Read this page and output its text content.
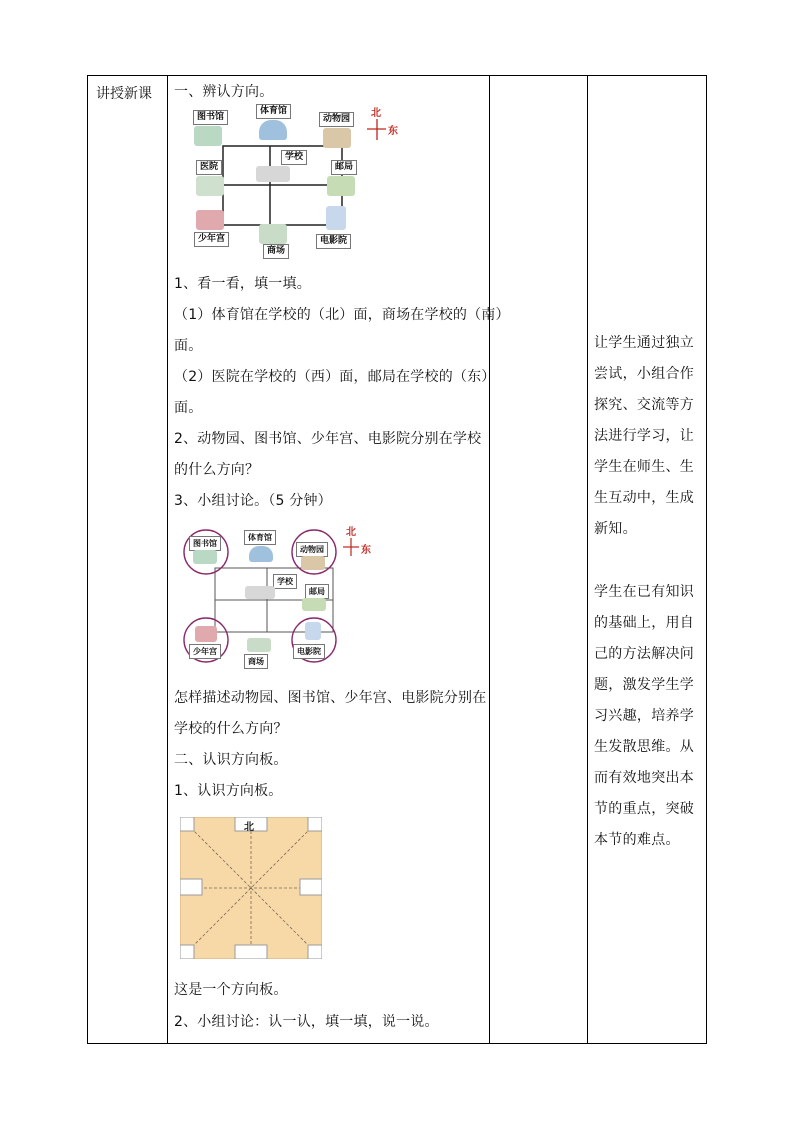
讲授新课 一、辨认方向。
北
东
图书馆
体育馆
动物园
学校
医院	邮局
少年宫
商场
电影院
1、看一看，填一填。
（1）体育馆在学校的（北）面，商场在学校的（南）
面。
（2）医院在学校的（西）面，邮局在学校的（东）
面。
2、动物园、图书馆、少年宫、电影院分别在学校
的什么方向？
3、小组讨论。（5 分钟）
北
东
图书馆
体育馆
动物园
学校
邮局
少年宫
商场
电影院
怎样描述动物园、图书馆、少年宫、电影院分别在
学校的什么方向？
二、认识方向板。
1、认识方向板。
北
这是一个方向板。
2、小组讨论：认一认，填一填，说一说。
让学生通过独立
尝试，小组合作
探究、交流等方
法进行学习，让
学生在师生、生
生互动中，生成
新知。
学生在已有知识
的基础上，用自
己的方法解决问
题，激发学生学
习兴趣，培养学
生发散思维。从
而有效地突出本
节的重点，突破
本节的难点。
